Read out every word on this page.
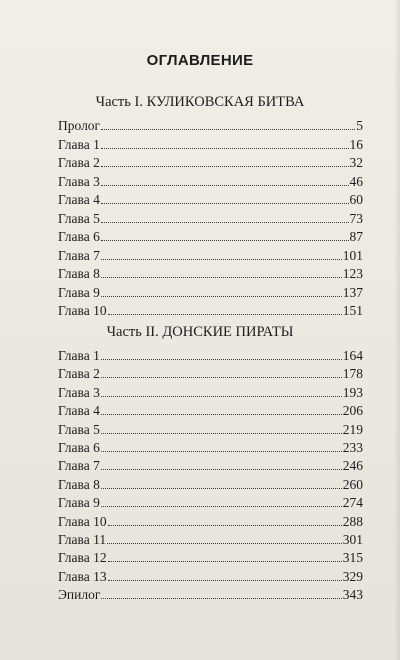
ОГЛАВЛЕНИЕ
Часть I. КУЛИКОВСКАЯ БИТВА
Пролог	5
Глава 1	16
Глава 2	32
Глава 3	46
Глава 4	60
Глава 5	73
Глава 6	87
Глава 7	101
Глава 8	123
Глава 9	137
Глава 10	151
Часть II. ДОНСКИЕ ПИРАТЫ
Глава 1	164
Глава 2	178
Глава 3	193
Глава 4	206
Глава 5	219
Глава 6	233
Глава 7	246
Глава 8	260
Глава 9	274
Глава 10	288
Глава 11	301
Глава 12	315
Глава 13	329
Эпилог	343
